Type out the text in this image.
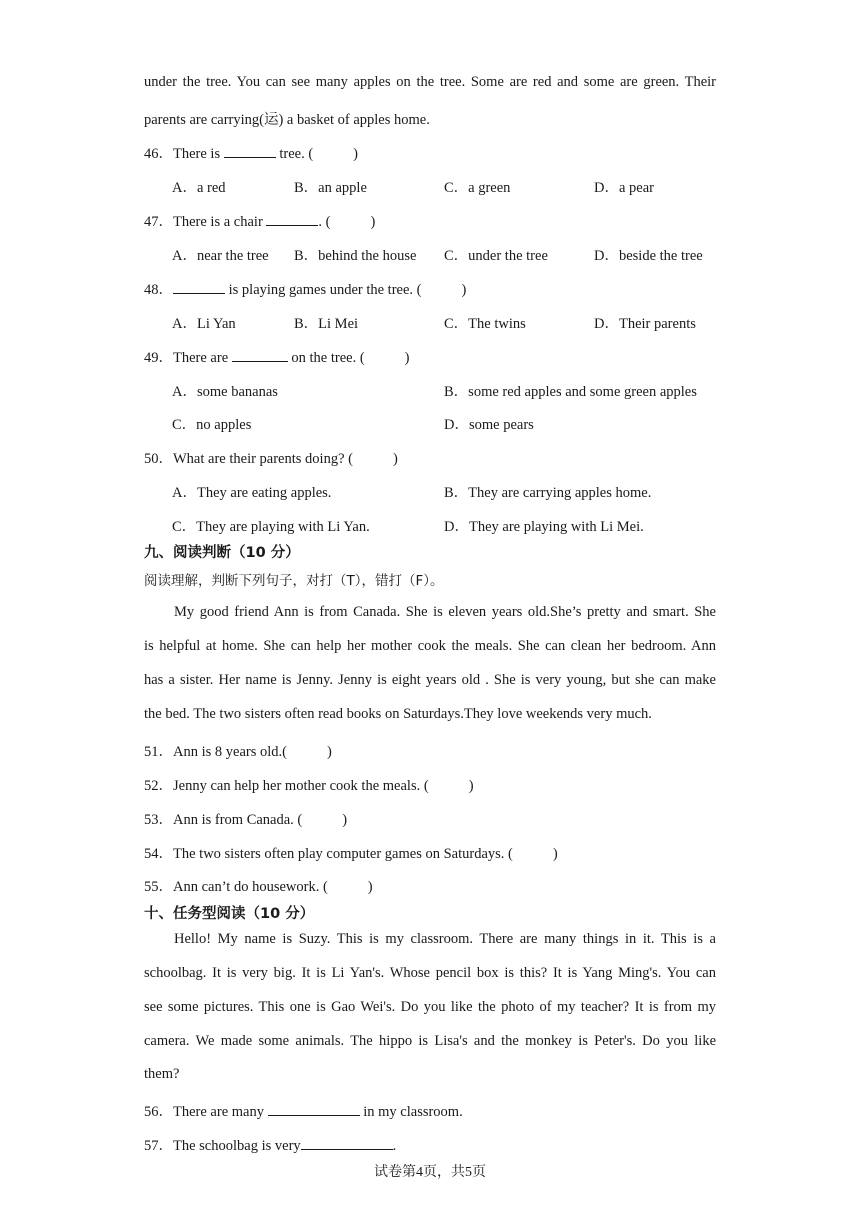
under the tree. You can see many apples on the tree. Some are red and some are green. Their
parents are carrying(运) a basket of apples home.
46．There is	tree. (	)
A．a red	B．an apple	C．a green	D．a pear
47．There is a chair	. (	)
A．near the tree B．behind the house C．under the tree	D．beside the tree
48．	is playing games under the tree. (	)
A．Li Yan	B．Li Mei	C．The twins	D．Their parents
49．There are	on the tree. (	)
A．some bananas	B．some red apples and some green apples
C．no apples	D．some pears
50．What are their parents doing? (	)
A．They are eating apples.	B．They are carrying apples home.
C．They are playing with Li Yan.	D．They are playing with Li Mei.
九、阅读判断（10 分）
阅读理解，判断下列句子，对打（T），错打（F）。
My good friend Ann is from Canada. She is eleven years old.She’s pretty and smart. She
is helpful at home. She can help her mother cook the meals. She can clean her bedroom. Ann
has a sister. Her name is Jenny. Jenny is eight years old . She is very young, but she can make
the bed. The two sisters often read books on Saturdays.They love weekends very much.
51．Ann is 8 years old.(	)
52．Jenny can help her mother cook the meals. (	)
53．Ann is from Canada. (	)
54．The two sisters often play computer games on Saturdays. (	)
55．Ann can’t do housework. (	)
十、任务型阅读（10 分）
Hello! My name is Suzy. This is my classroom. There are many things in it. This is a
schoolbag. It is very big. It is Li Yan's. Whose pencil box is this? It is Yang Ming's. You can
see some pictures. This one is Gao Wei's. Do you like the photo of my teacher? It is from my
camera. We made some animals. The hippo is Lisa's and the monkey is Peter's. Do you like
them?
56．There are many	in my classroom.
57．The schoolbag is very	.
试卷第4页，共5页
